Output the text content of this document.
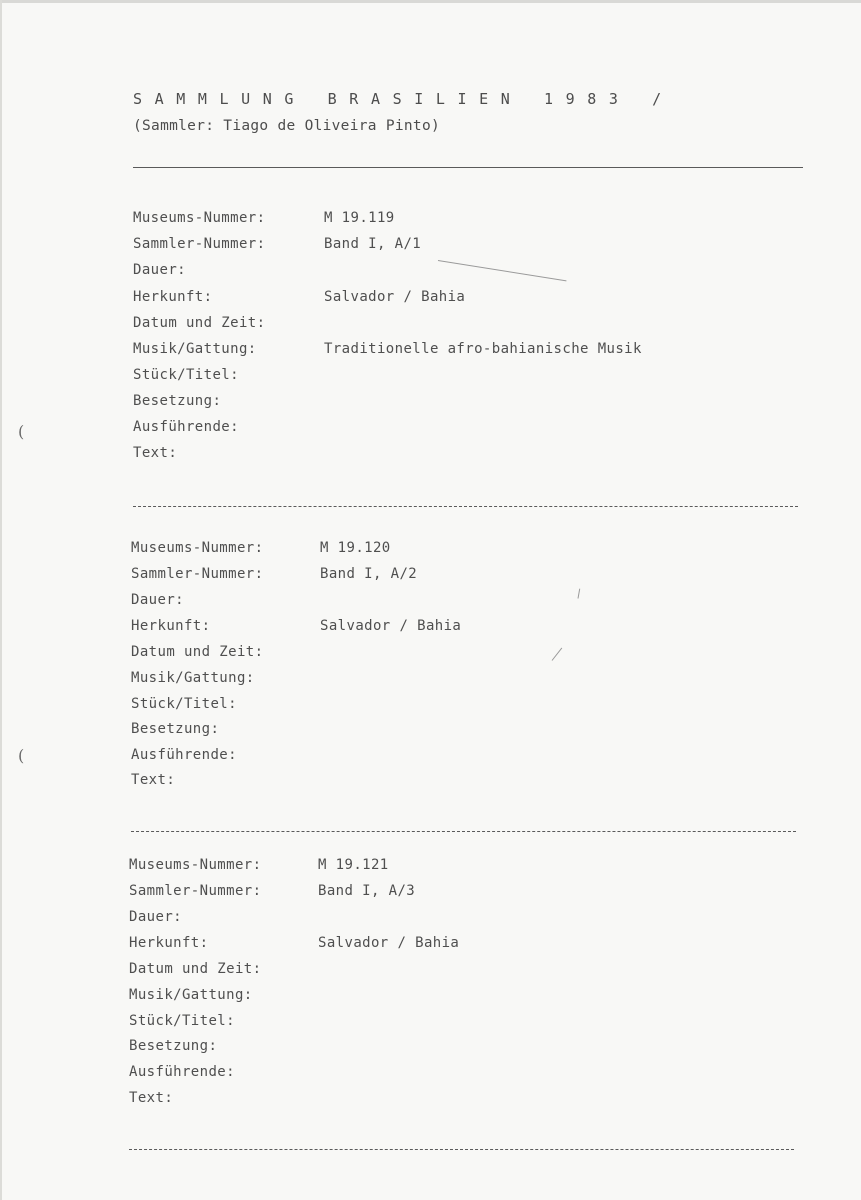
SAMMLUNG BRASILIEN 1983 /
(Sammler: Tiago de Oliveira Pinto)
Museums-Nummer:	M 19.119
Sammler-Nummer:	Band I, A/1
Dauer:
Herkunft:	Salvador / Bahia
Datum und Zeit:
Musik/Gattung:	Traditionelle afro-bahianische Musik
Stück/Titel:
Besetzung:
Ausführende:
Text:
Museums-Nummer:	M 19.120
Sammler-Nummer:	Band I, A/2
Dauer:
Herkunft:	Salvador / Bahia
Datum und Zeit:
Musik/Gattung:
Stück/Titel:
Besetzung:
Ausführende:
Text:
Museums-Nummer:	M 19.121
Sammler-Nummer:	Band I, A/3
Dauer:
Herkunft:	Salvador / Bahia
Datum und Zeit:
Musik/Gattung:
Stück/Titel:
Besetzung:
Ausführende:
Text:
(
(
